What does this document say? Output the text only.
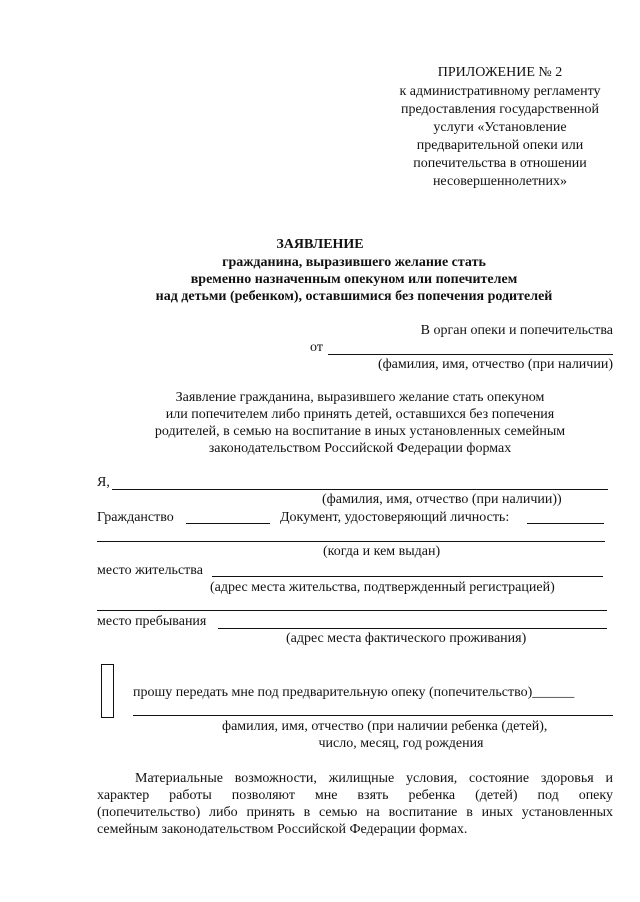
ПРИЛОЖЕНИЕ № 2
к административному регламенту
предоставления государственной
услуги «Установление
предварительной опеки или
попечительства в отношении
несовершеннолетних»
ЗАЯВЛЕНИЕ
гражданина, выразившего желание стать
временно назначенным опекуном или попечителем
над детьми (ребенком), оставшимися без попечения родителей
В орган опеки и попечительства
от
(фамилия, имя, отчество (при наличии)
Заявление гражданина, выразившего желание стать опекуном
или попечителем либо принять детей, оставшихся без попечения
родителей, в семью на воспитание в иных установленных семейным
законодательством Российской Федерации формах
Я,
(фамилия, имя, отчество (при наличии))
Гражданство	Документ, удостоверяющий личность:
(когда и кем выдан)
место жительства
(адрес места жительства, подтвержденный регистрацией)
место пребывания
(адрес места фактического проживания)
прошу передать мне под предварительную опеку (попечительство)______
фамилия, имя, отчество (при наличии ребенка (детей),
число, месяц, год рождения
Материальные возможности, жилищные условия, состояние здоровья и
характер работы позволяют мне взять ребенка (детей) под опеку
(попечительство) либо принять в семью на воспитание в иных установленных
семейным законодательством Российской Федерации формах.
